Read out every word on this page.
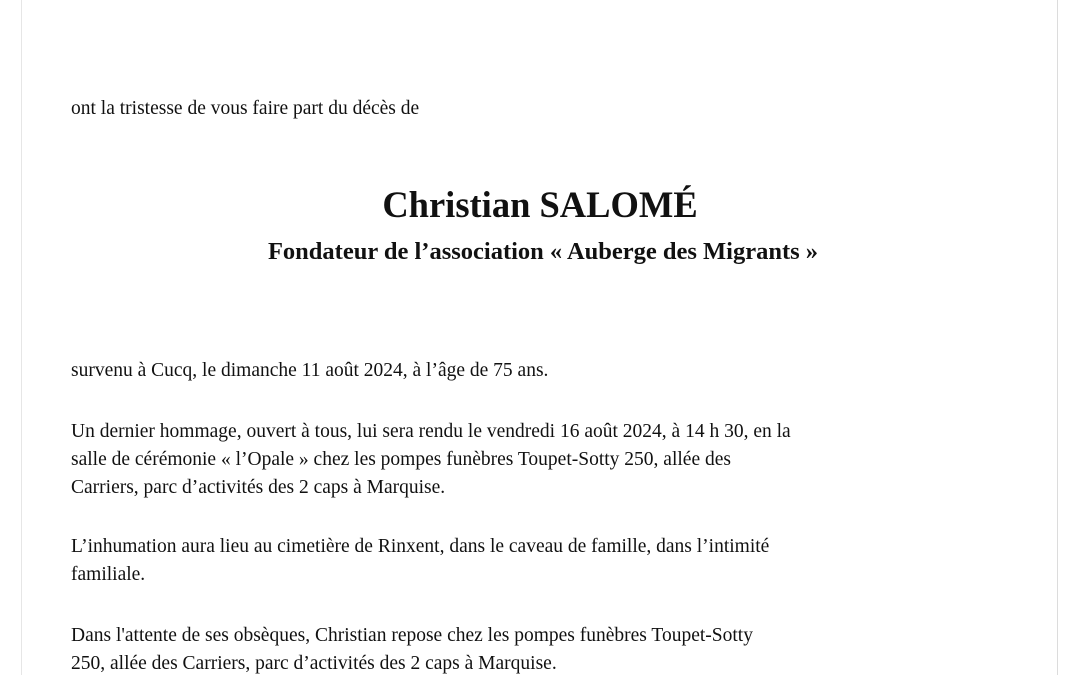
ont la tristesse de vous faire part du décès de

Christian SALOMÉ
Fondateur de l’association « Auberge des Migrants »

survenu à Cucq, le dimanche 11 août 2024, à l’âge de 75 ans.

Un dernier hommage, ouvert à tous, lui sera rendu le vendredi 16 août 2024, à 14 h 30, en la
salle de cérémonie « l’Opale » chez les pompes funèbres Toupet-Sotty 250, allée des
Carriers, parc d’activités des 2 caps à Marquise.

L’inhumation aura lieu au cimetière de Rinxent, dans le caveau de famille, dans l’intimité
familiale.

Dans l'attente de ses obsèques, Christian repose chez les pompes funèbres Toupet-Sotty
250, allée des Carriers, parc d’activités des 2 caps à Marquise.
